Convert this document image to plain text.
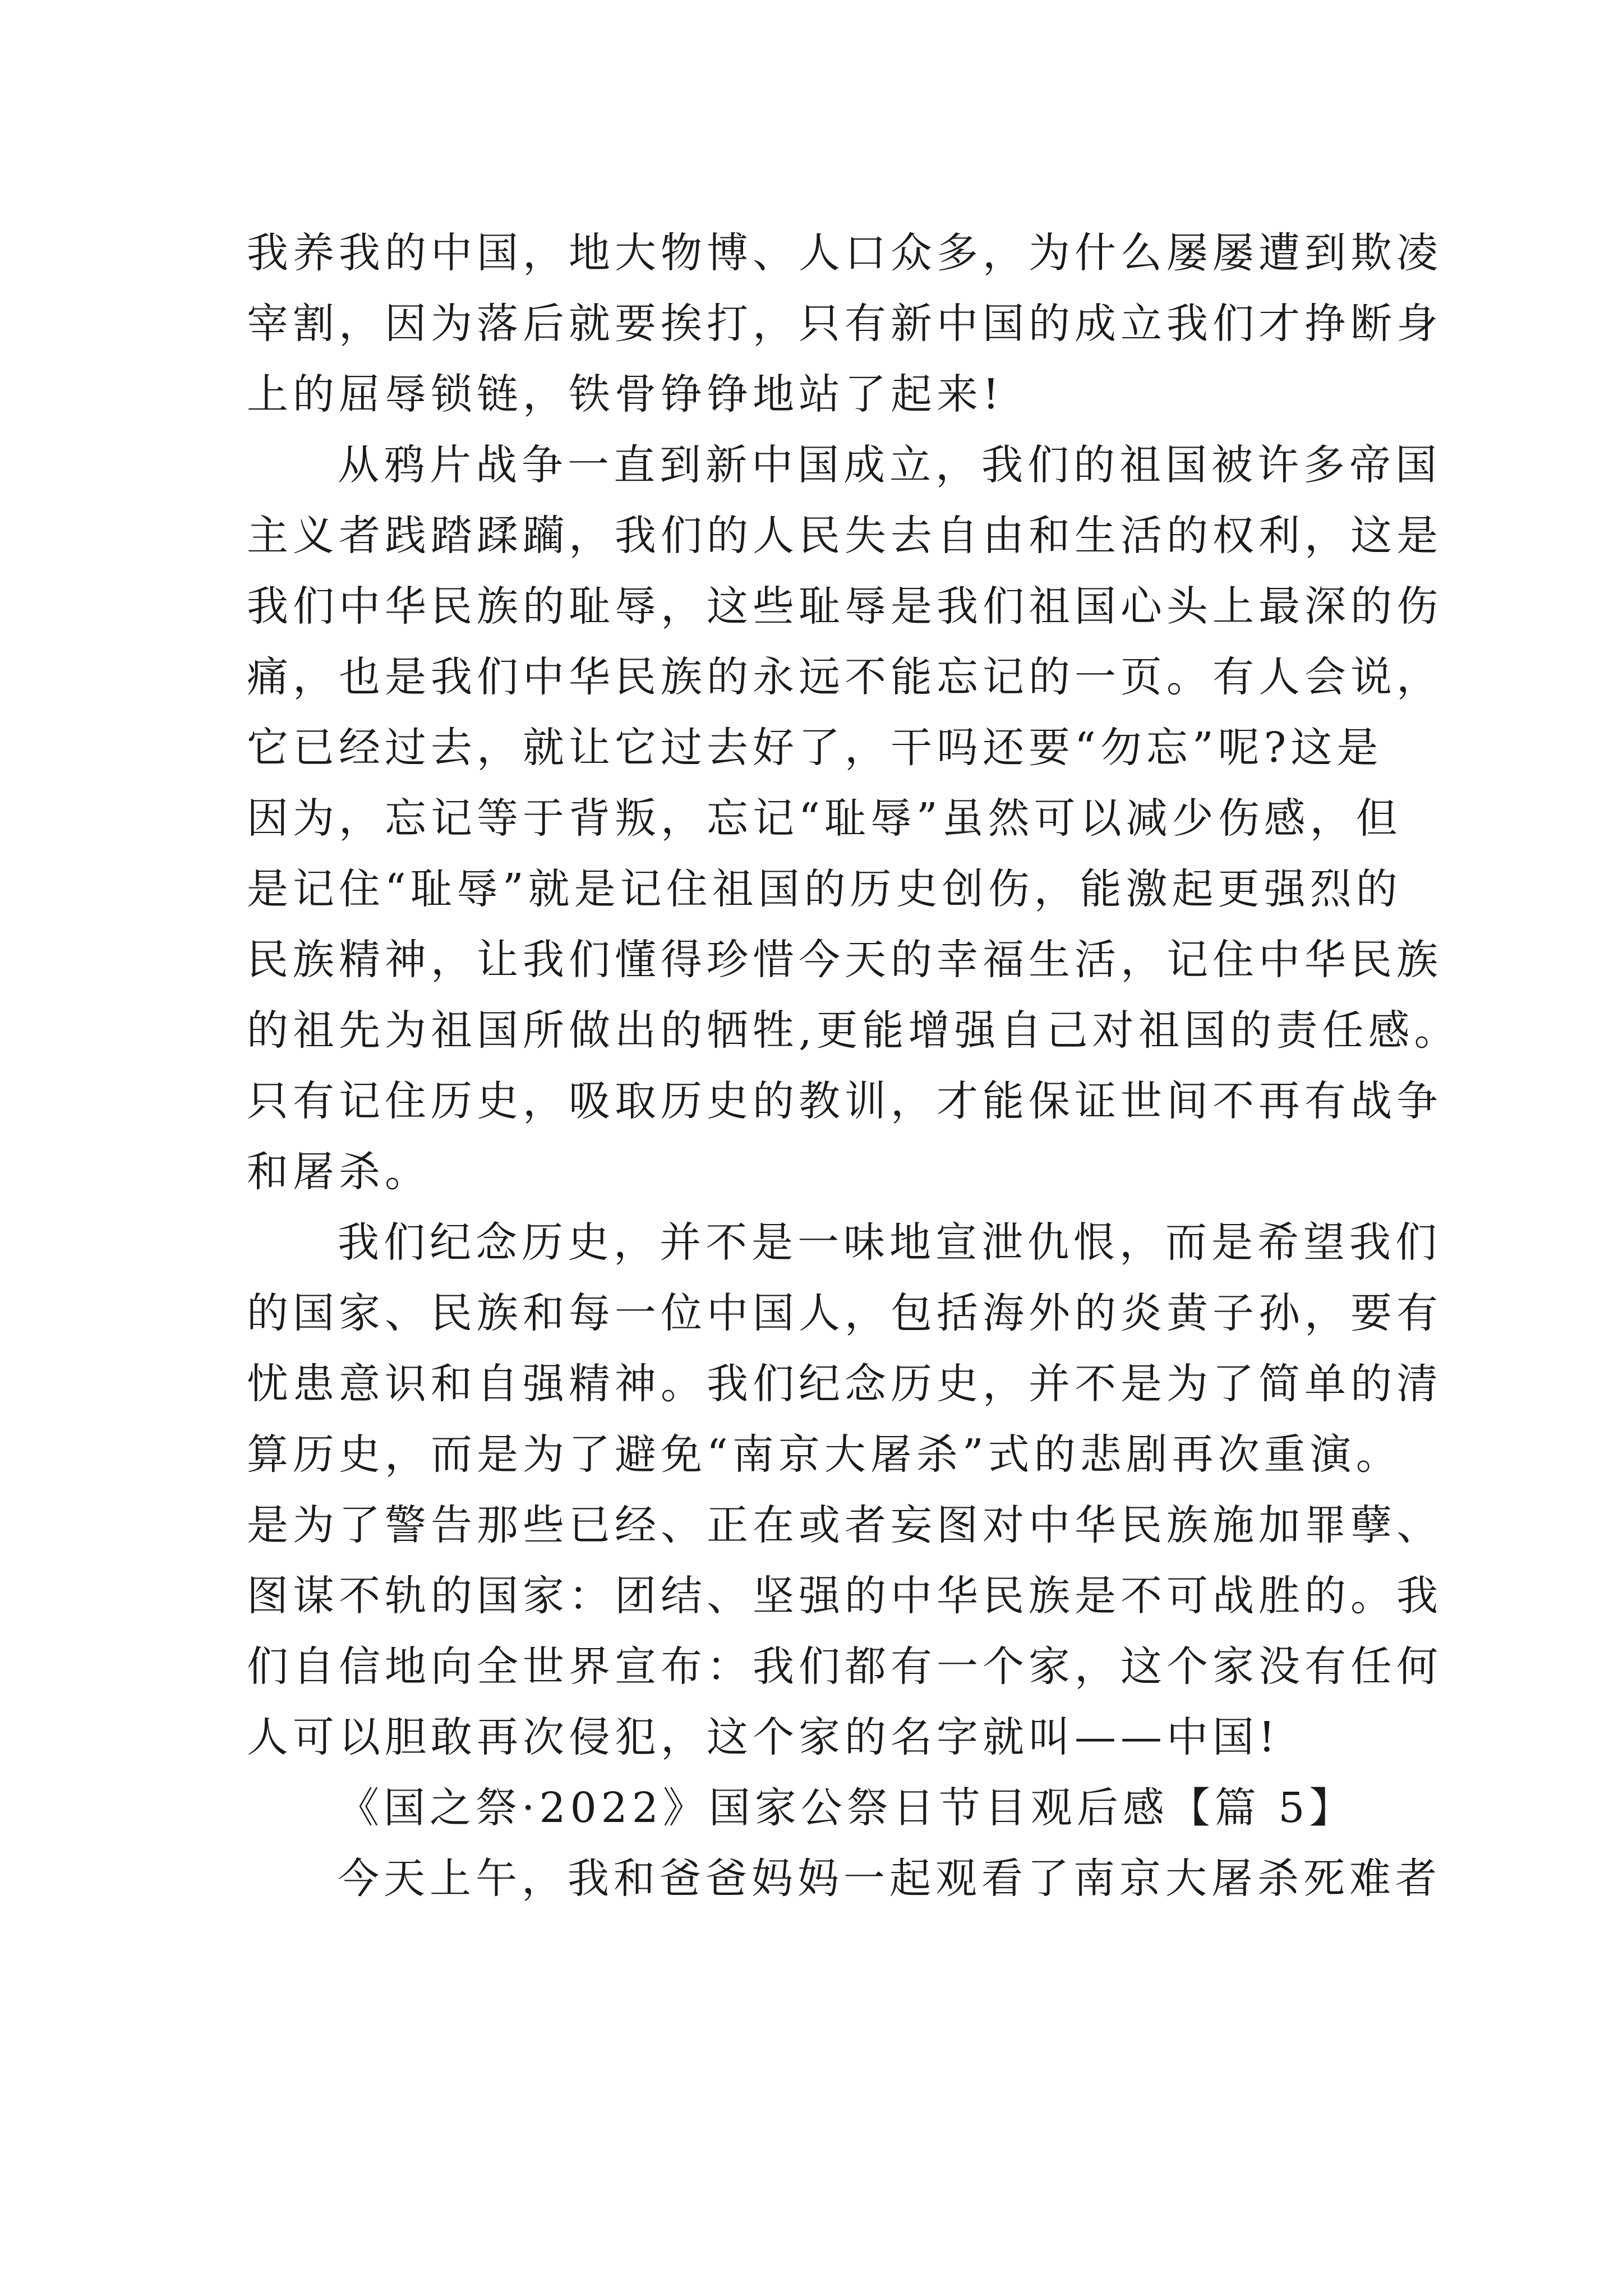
我养我的中国，地大物博、人口众多，为什么屡屡遭到欺凌
宰割，因为落后就要挨打，只有新中国的成立我们才挣断身
上的屈辱锁链，铁骨铮铮地站了起来!
从鸦片战争一直到新中国成立，我们的祖国被许多帝国
主义者践踏蹂躏，我们的人民失去自由和生活的权利，这是
我们中华民族的耻辱，这些耻辱是我们祖国心头上最深的伤
痛，也是我们中华民族的永远不能忘记的一页。有人会说，
它已经过去，就让它过去好了，干吗还要“勿忘”呢?这是
因为，忘记等于背叛，忘记“耻辱”虽然可以减少伤感，但
是记住“耻辱”就是记住祖国的历史创伤，能激起更强烈的
民族精神，让我们懂得珍惜今天的幸福生活，记住中华民族
的祖先为祖国所做出的牺牲,更能增强自己对祖国的责任感。
只有记住历史，吸取历史的教训，才能保证世间不再有战争
和屠杀。
我们纪念历史，并不是一味地宣泄仇恨，而是希望我们
的国家、民族和每一位中国人，包括海外的炎黄子孙，要有
忧患意识和自强精神。我们纪念历史，并不是为了简单的清
算历史，而是为了避免“南京大屠杀”式的悲剧再次重演。
是为了警告那些已经、正在或者妄图对中华民族施加罪孽、
图谋不轨的国家：团结、坚强的中华民族是不可战胜的。我
们自信地向全世界宣布：我们都有一个家，这个家没有任何
人可以胆敢再次侵犯，这个家的名字就叫——中国!
《国之祭·2022》国家公祭日节目观后感【篇 5】
今天上午，我和爸爸妈妈一起观看了南京大屠杀死难者
